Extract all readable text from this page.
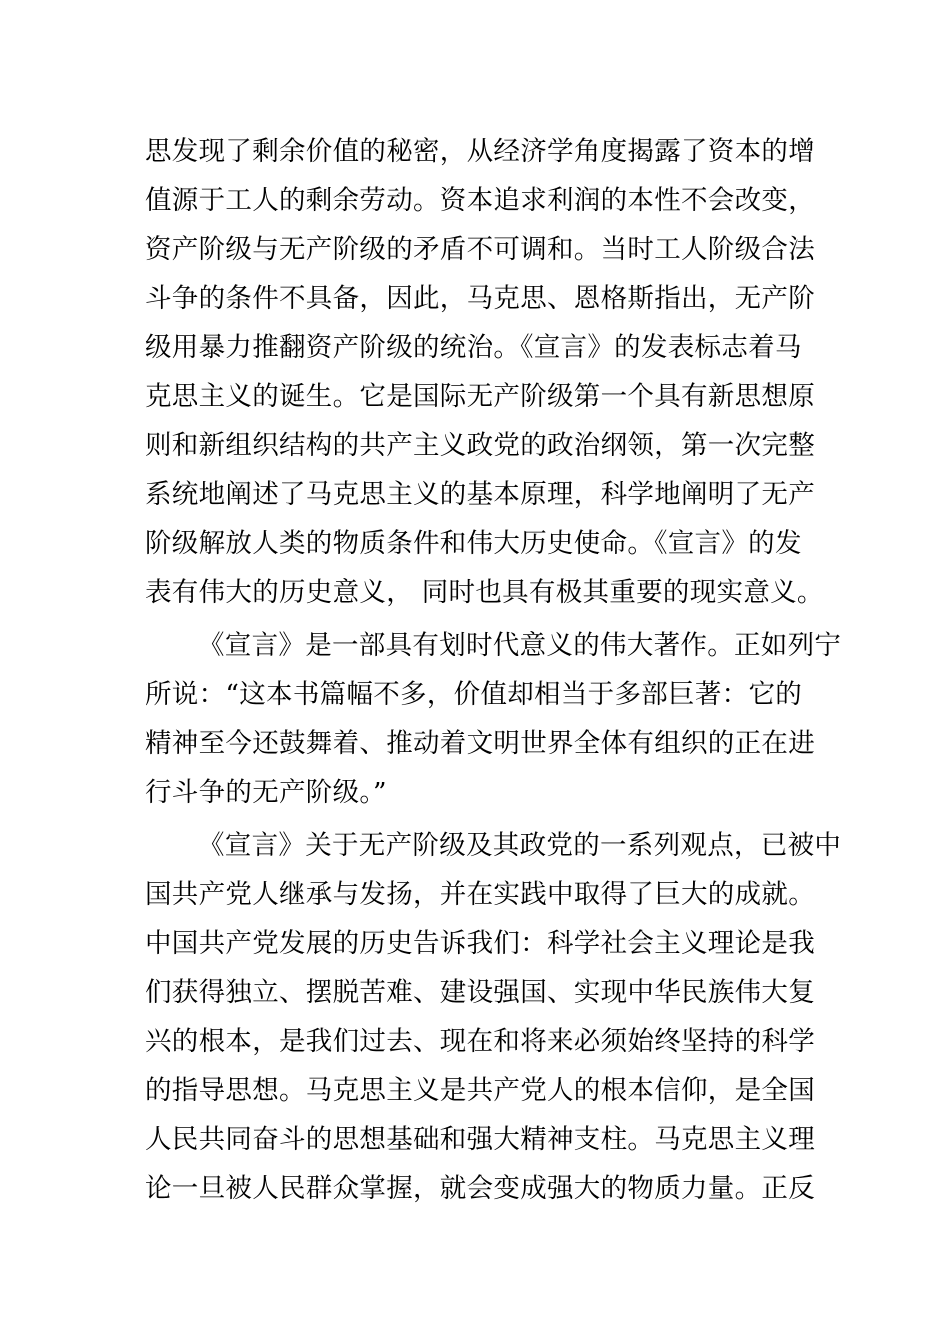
思发现了剩余价值的秘密，从经济学角度揭露了资本的增
值源于工人的剩余劳动。资本追求利润的本性不会改变，
资产阶级与无产阶级的矛盾不可调和。当时工人阶级合法
斗争的条件不具备，因此，马克思、恩格斯指出，无产阶
级用暴力推翻资产阶级的统治。《宣言》的发表标志着马
克思主义的诞生。它是国际无产阶级第一个具有新思想原
则和新组织结构的共产主义政党的政治纲领，第一次完整
系统地阐述了马克思主义的基本原理，科学地阐明了无产
阶级解放人类的物质条件和伟大历史使命。《宣言》的发
表有伟大的历史意义， 同时也具有极其重要的现实意义。
《宣言》是一部具有划时代意义的伟大著作。正如列宁
所说：“这本书篇幅不多，价值却相当于多部巨著：它的
精神至今还鼓舞着、推动着文明世界全体有组织的正在进
行斗争的无产阶级。”
《宣言》关于无产阶级及其政党的一系列观点，已被中
国共产党人继承与发扬，并在实践中取得了巨大的成就。
中国共产党发展的历史告诉我们：科学社会主义理论是我
们获得独立、摆脱苦难、建设强国、实现中华民族伟大复
兴的根本，是我们过去、现在和将来必须始终坚持的科学
的指导思想。马克思主义是共产党人的根本信仰，是全国
人民共同奋斗的思想基础和强大精神支柱。马克思主义理
论一旦被人民群众掌握，就会变成强大的物质力量。正反
